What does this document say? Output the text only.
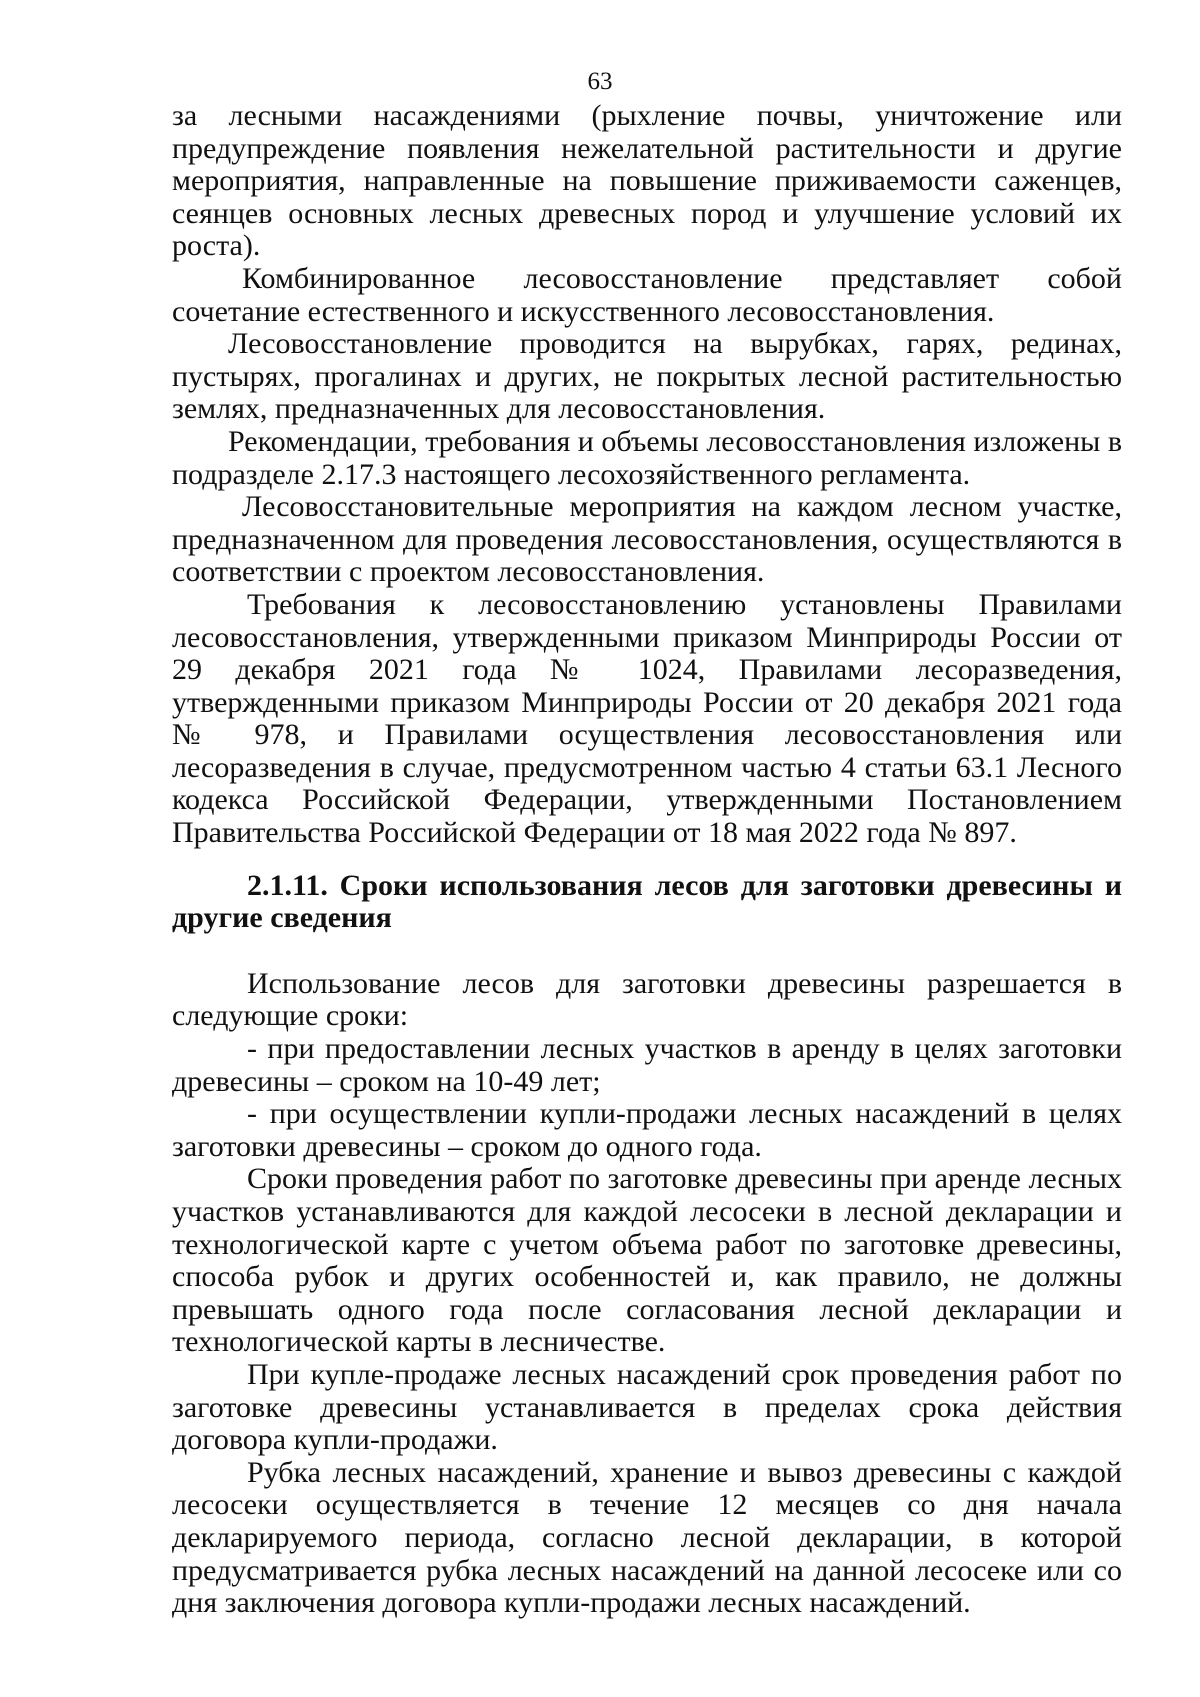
63

за лесными насаждениями (рыхление почвы, уничтожение или предупреждение появления нежелательной растительности и другие мероприятия, направленные на повышение приживаемости саженцев, сеянцев основных лесных древесных пород и улучшение условий их роста).

Комбинированное лесовосстановление представляет собой сочетание естественного и искусственного лесовосстановления.

Лесовосстановление проводится на вырубках, гарях, рединах, пустырях, прогалинах и других, не покрытых лесной растительностью землях, предназначенных для лесовосстановления.

Рекомендации, требования и объемы лесовосстановления изложены в подразделе 2.17.3 настоящего лесохозяйственного регламента.

Лесовосстановительные мероприятия на каждом лесном участке, предназначенном для проведения лесовосстановления, осуществляются в соответствии с проектом лесовосстановления.

Требования к лесовосстановлению установлены Правилами лесовосстановления, утвержденными приказом Минприроды России от 29 декабря 2021 года № 1024, Правилами лесоразведения, утвержденными приказом Минприроды России от 20 декабря 2021 года № 978, и Правилами осуществления лесовосстановления или лесоразведения в случае, предусмотренном частью 4 статьи 63.1 Лесного кодекса Российской Федерации, утвержденными Постановлением Правительства Российской Федерации от 18 мая 2022 года № 897.

2.1.11. Сроки использования лесов для заготовки древесины и другие сведения

Использование лесов для заготовки древесины разрешается в следующие сроки:

- при предоставлении лесных участков в аренду в целях заготовки древесины – сроком на 10-49 лет;

- при осуществлении купли-продажи лесных насаждений в целях заготовки древесины – сроком до одного года.

Сроки проведения работ по заготовке древесины при аренде лесных участков устанавливаются для каждой лесосеки в лесной декларации и технологической карте с учетом объема работ по заготовке древесины, способа рубок и других особенностей и, как правило, не должны превышать одного года после согласования лесной декларации и технологической карты в лесничестве.

При купле-продаже лесных насаждений срок проведения работ по заготовке древесины устанавливается в пределах срока действия договора купли-продажи.

Рубка лесных насаждений, хранение и вывоз древесины с каждой лесосеки осуществляется в течение 12 месяцев со дня начала декларируемого периода, согласно лесной декларации, в которой предусматривается рубка лесных насаждений на данной лесосеке или со дня заключения договора купли-продажи лесных насаждений.
